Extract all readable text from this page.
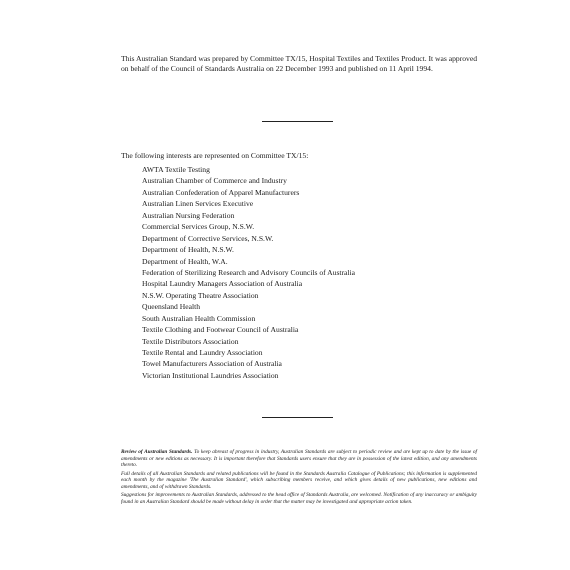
This Australian Standard was prepared by Committee TX/15, Hospital Textiles and Textiles Product. It was approved on behalf of the Council of Standards Australia on 22 December 1993 and published on 11 April 1994.

The following interests are represented on Committee TX/15:

AWTA Textile Testing
Australian Chamber of Commerce and Industry
Australian Confederation of Apparel Manufacturers
Australian Linen Services Executive
Australian Nursing Federation
Commercial Services Group, N.S.W.
Department of Corrective Services, N.S.W.
Department of Health, N.S.W.
Department of Health, W.A.
Federation of Sterilizing Research and Advisory Councils of Australia
Hospital Laundry Managers Association of Australia
N.S.W. Operating Theatre Association
Queensland Health
South Australian Health Commission
Textile Clothing and Footwear Council of Australia
Textile Distributors Association
Textile Rental and Laundry Association
Towel Manufacturers Association of Australia
Victorian Institutional Laundries Association

Review of Australian Standards. To keep abreast of progress in industry, Australian Standards are subject to periodic review and are kept up to date by the issue of amendments or new editions as necessary. It is important therefore that Standards users ensure that they are in possession of the latest edition, and any amendments thereto.

Full details of all Australian Standards and related publications will be found in the Standards Australia Catalogue of Publications; this information is supplemented each month by the magazine 'The Australian Standard', which subscribing members receive, and which gives details of new publications, new editions and amendments, and of withdrawn Standards.

Suggestions for improvements to Australian Standards, addressed to the head office of Standards Australia, are welcomed. Notification of any inaccuracy or ambiguity found in an Australian Standard should be made without delay in order that the matter may be investigated and appropriate action taken.
